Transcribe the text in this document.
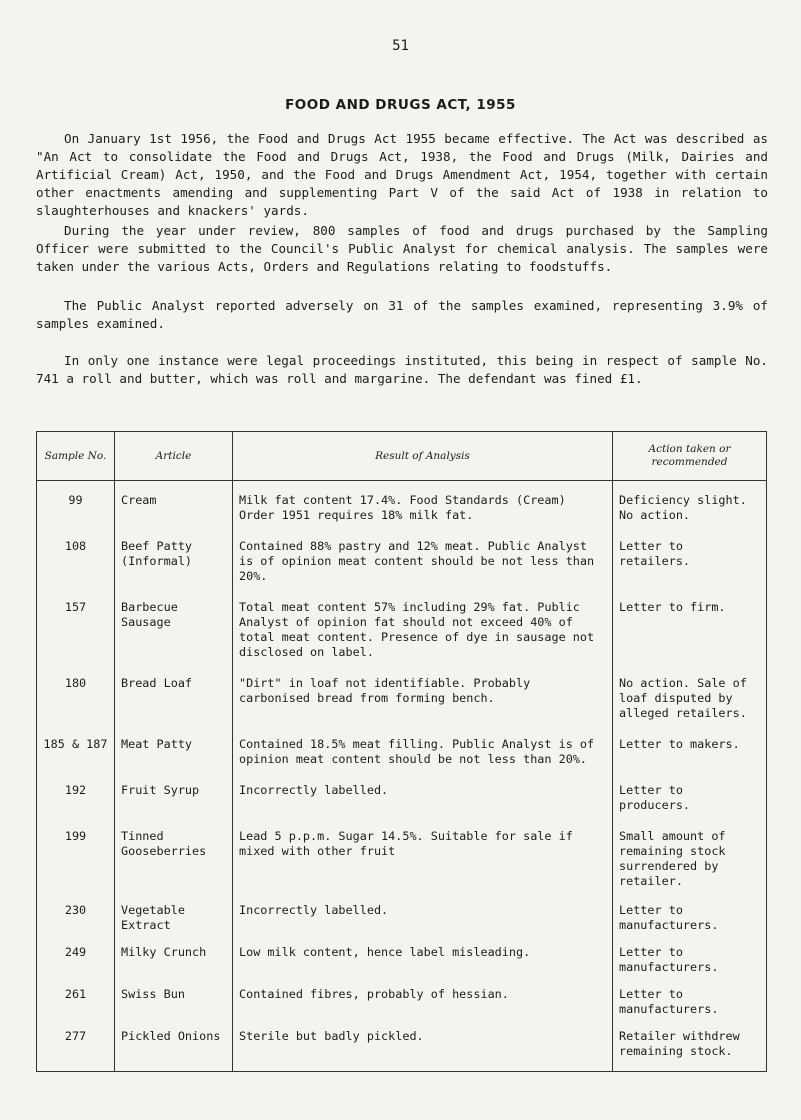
51
FOOD AND DRUGS ACT, 1955

On January 1st 1956, the Food and Drugs Act 1955 became effective. The Act was described as "An Act to consolidate the Food and Drugs Act, 1938, the Food and Drugs (Milk, Dairies and Artificial Cream) Act, 1950, and the Food and Drugs Amendment Act, 1954, together with certain other enactments amending and supplementing Part V of the said Act of 1938 in relation to slaughterhouses and knackers' yards.

During the year under review, 800 samples of food and drugs purchased by the Sampling Officer were submitted to the Council's Public Analyst for chemical analysis. The samples were taken under the various Acts, Orders and Regulations relating to foodstuffs.

The Public Analyst reported adversely on 31 of the samples examined, representing 3.9% of samples examined.

In only one instance were legal proceedings instituted, this being in respect of sample No. 741 a roll and butter, which was roll and margarine. The defendant was fined £1.

Sample No.	Article	Result of Analysis	Action taken or recommended
99	Cream	Milk fat content 17.4%. Food Standards (Cream) Order 1951 requires 18% milk fat.	Deficiency slight. No action.
108	Beef Patty (Informal)	Contained 88% pastry and 12% meat. Public Analyst is of opinion meat content should be not less than 20%.	Letter to retailers.
157	Barbecue Sausage	Total meat content 57% including 29% fat. Public Analyst of opinion fat should not exceed 40% of total meat content. Presence of dye in sausage not disclosed on label.	Letter to firm.
180	Bread Loaf	"Dirt" in loaf not identifiable. Probably carbonised bread from forming bench.	No action. Sale of loaf disputed by alleged retailers.
185 & 187	Meat Patty	Contained 18.5% meat filling. Public Analyst is of opinion meat content should be not less than 20%.	Letter to makers.
192	Fruit Syrup	Incorrectly labelled.	Letter to producers.
199	Tinned Gooseberries	Lead 5 p.p.m. Sugar 14.5%. Suitable for sale if mixed with other fruit	Small amount of remaining stock surrendered by retailer.
230	Vegetable Extract	Incorrectly labelled.	Letter to manufacturers.
249	Milky Crunch	Low milk content, hence label misleading.	Letter to manufacturers.
261	Swiss Bun	Contained fibres, probably of hessian.	Letter to manufacturers.
277	Pickled Onions	Sterile but badly pickled.	Retailer withdrew remaining stock.
